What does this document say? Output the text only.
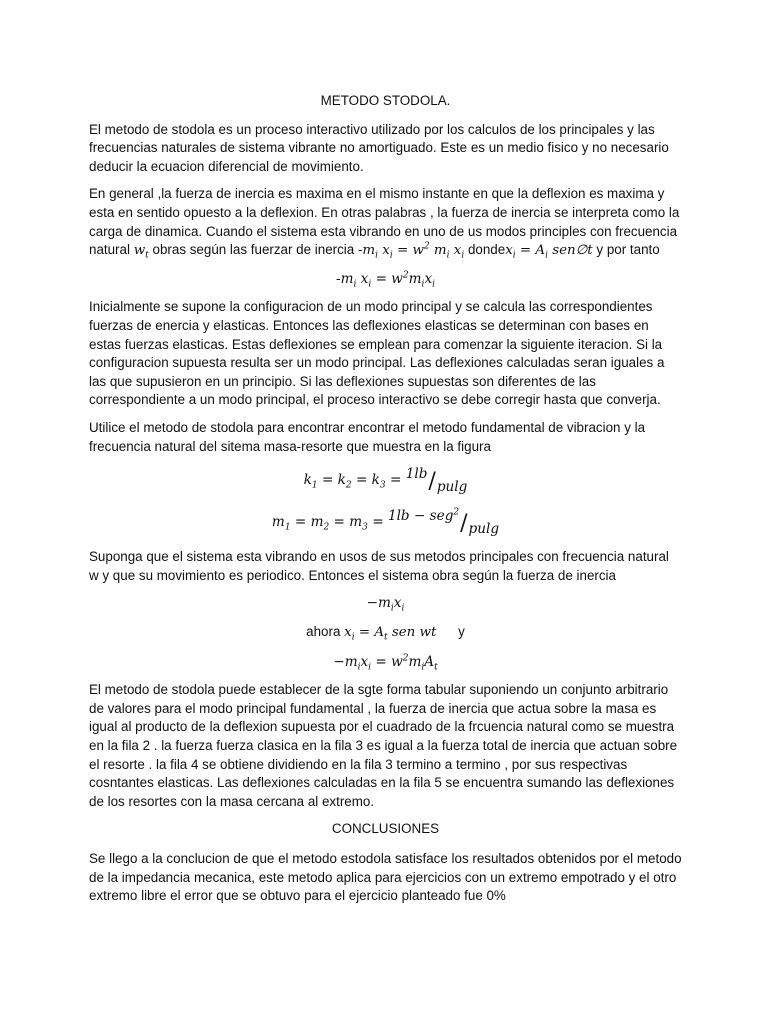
METODO STODOLA.

El metodo de stodola es un proceso interactivo utilizado por los calculos de los principales y las frecuencias naturales de sistema vibrante no amortiguado. Este es un medio fisico y no necesario deducir la ecuacion diferencial de movimiento.

En general ,la fuerza de inercia es maxima en el mismo instante en que la deflexion es maxima y esta en sentido opuesto a la deflexion. En otras palabras , la fuerza de inercia se interpreta como la carga de dinamica. Cuando el sistema esta vibrando en uno de us modos principles con frecuencia natural $w_t$ obras según las fuerzar de inercia $-m_i$ $x_i = w^2$ $m_i$ $x_i$ dondex$_i$ = $A_i$ sen∅t y por tanto

$-m_i$ $x_i = w^2m_ix_i$

Inicialmente se supone la configuracion de un modo principal y se calcula las correspondientes fuerzas de enercia y elasticas. Entonces las deflexiones elasticas se determinan con bases en estas fuerzas elasticas. Estas deflexiones se emplean para comenzar la siguiente iteracion. Si la configuracion supuesta resulta ser un modo principal. Las deflexiones calculadas seran iguales a las que supusieron en un principio. Si las deflexiones supuestas son diferentes de las correspondiente a un modo principal, el proceso interactivo se debe corregir hasta que converja.

Utilice el metodo de stodola para encontrar encontrar el metodo fundamental de vibracion y la frecuencia natural del sitema masa-resorte que muestra en la figura

$k_1 = k_2 = k_3 = 1lb/pulg$
$m_1 = m_2 = m_3 = 1lb - seg^2/pulg$

Suponga que el sistema esta vibrando en usos de sus metodos principales con frecuencia natural w y que su movimiento es periodico. Entonces el sistema obra según la fuerza de inercia

$-m_ix_i$
ahora $x_i = A_t$ sen wt y
$-m_ix_i = w^2m_iA_t$

El metodo de stodola puede establecer de la sgte forma tabular suponiendo un conjunto arbitrario de valores para el modo principal fundamental , la fuerza de inercia que actua sobre la masa es igual al producto de la deflexion supuesta por el cuadrado de la frcuencia natural como se muestra en la fila 2 . la fuerza fuerza clasica en la fila 3 es igual a la fuerza total de inercia que actuan sobre el resorte . la fila 4 se obtiene dividiendo en la fila 3 termino a termino , por sus respectivas cosntantes elasticas. Las deflexiones calculadas en la fila 5 se encuentra sumando las deflexiones de los resortes con la masa cercana al extremo.

CONCLUSIONES

Se llego a la conclucion de que el metodo estodola satisface los resultados obtenidos por el metodo de la impedancia mecanica, este metodo aplica para ejercicios con un extremo empotrado y el otro extremo libre el error que se obtuvo para el ejercicio planteado fue 0%
